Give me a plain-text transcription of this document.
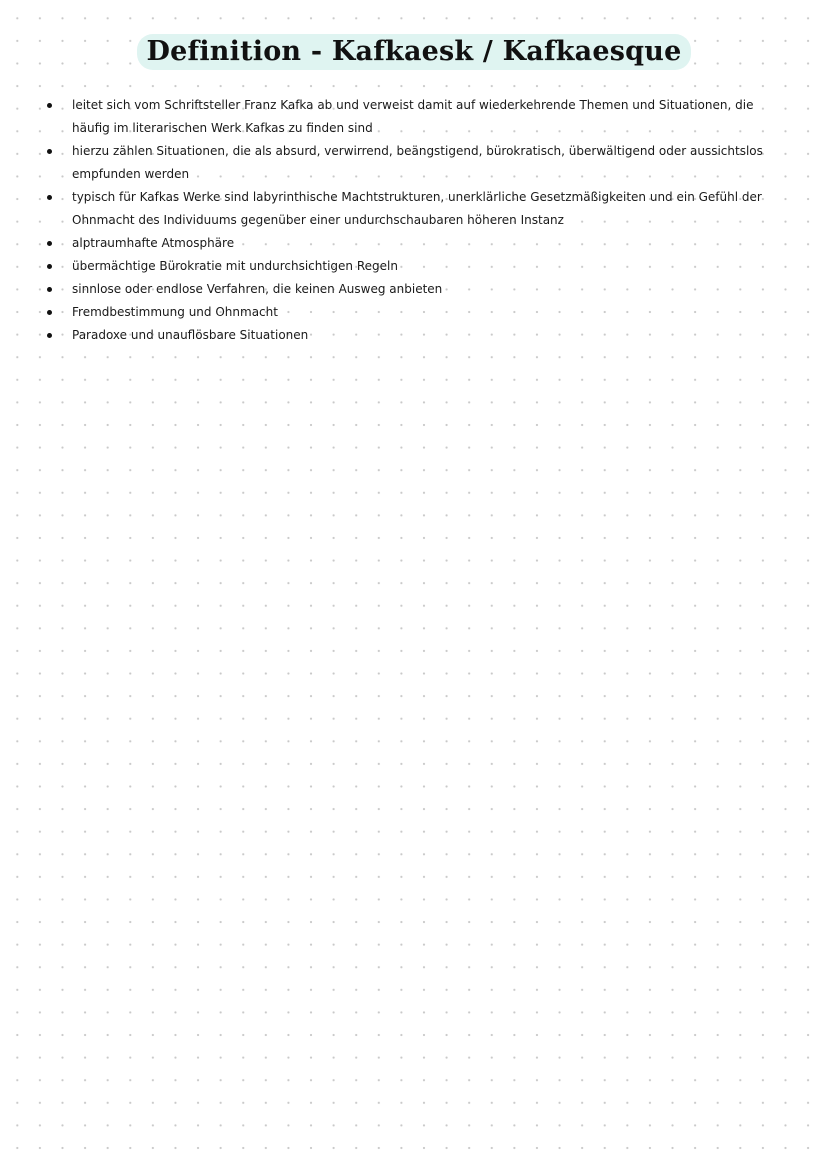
Definition - Kafkaesk / Kafkaesque
leitet sich vom Schriftsteller Franz Kafka ab und verweist damit auf wiederkehrende Themen und Situationen, die häufig im literarischen Werk Kafkas zu finden sind
hierzu zählen Situationen, die als absurd, verwirrend, beängstigend, bürokratisch, überwältigend oder aussichtslos empfunden werden
typisch für Kafkas Werke sind labyrinthische Machtstrukturen, unerklärliche Gesetzmäßigkeiten und ein Gefühl der Ohnmacht des Individuums gegenüber einer undurchschaubaren höheren Instanz
alptraumhafte Atmosphäre
übermächtige Bürokratie mit undurchsichtigen Regeln
sinnlose oder endlose Verfahren, die keinen Ausweg anbieten
Fremdbestimmung und Ohnmacht
Paradoxe und unauflösbare Situationen
